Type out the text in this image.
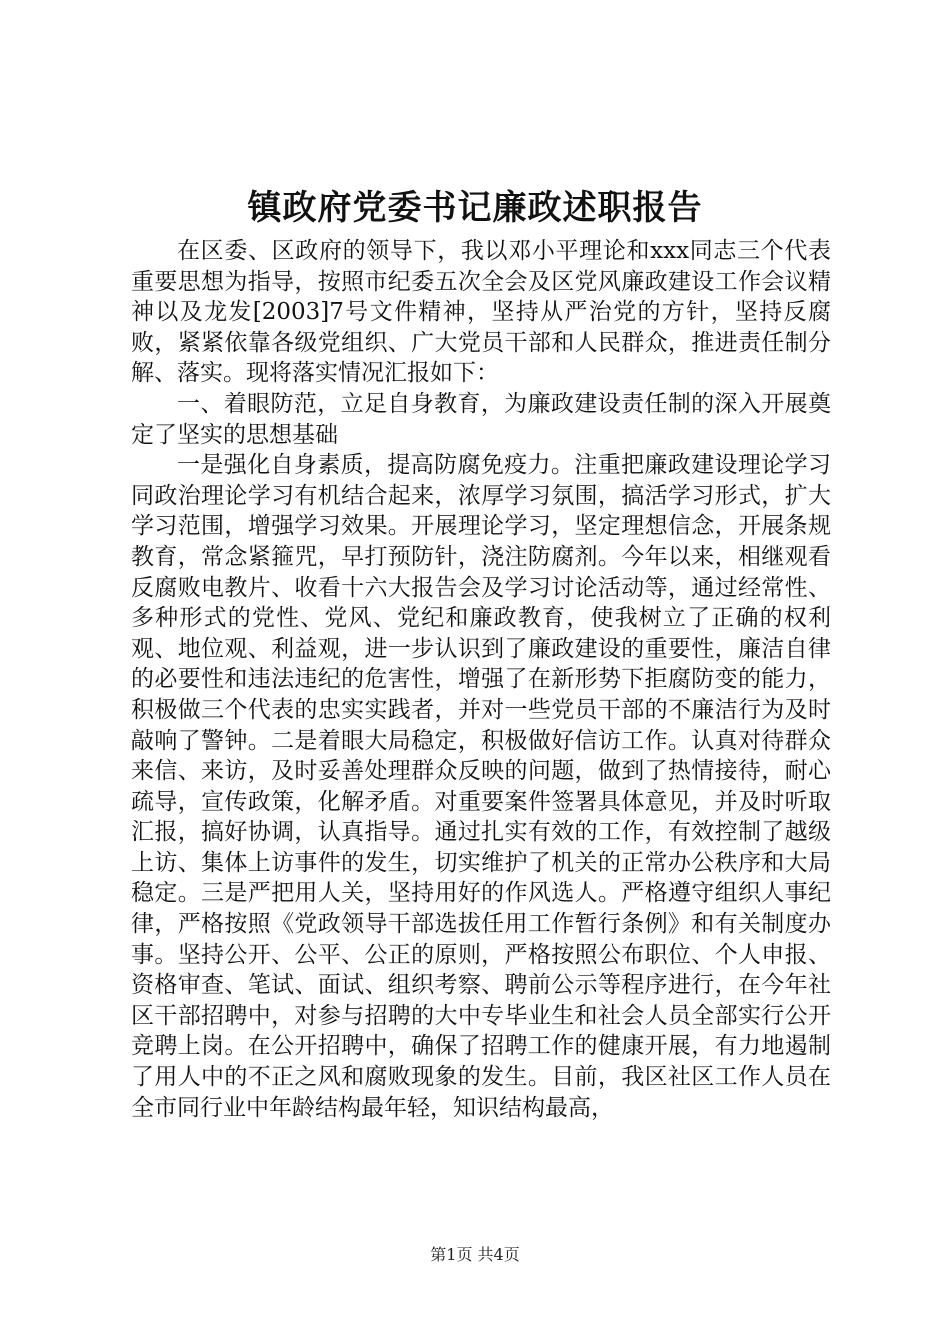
镇政府党委书记廉政述职报告

在区委、区政府的领导下，我以邓小平理论和xxx同志三个代表重要思想为指导，按照市纪委五次全会及区党风廉政建设工作会议精神以及龙发[2003]7号文件精神，坚持从严治党的方针，坚持反腐败，紧紧依靠各级党组织、广大党员干部和人民群众，推进责任制分解、落实。现将落实情况汇报如下：

一、着眼防范，立足自身教育，为廉政建设责任制的深入开展奠定了坚实的思想基础

一是强化自身素质，提高防腐免疫力。注重把廉政建设理论学习同政治理论学习有机结合起来，浓厚学习氛围，搞活学习形式，扩大学习范围，增强学习效果。开展理论学习，坚定理想信念，开展条规教育，常念紧箍咒，早打预防针，浇注防腐剂。今年以来，相继观看反腐败电教片、收看十六大报告会及学习讨论活动等，通过经常性、多种形式的党性、党风、党纪和廉政教育，使我树立了正确的权利观、地位观、利益观，进一步认识到了廉政建设的重要性，廉洁自律的必要性和违法违纪的危害性，增强了在新形势下拒腐防变的能力，积极做三个代表的忠实实践者，并对一些党员干部的不廉洁行为及时敲响了警钟。二是着眼大局稳定，积极做好信访工作。认真对待群众来信、来访，及时妥善处理群众反映的问题，做到了热情接待，耐心疏导，宣传政策，化解矛盾。对重要案件签署具体意见，并及时听取汇报，搞好协调，认真指导。通过扎实有效的工作，有效控制了越级上访、集体上访事件的发生，切实维护了机关的正常办公秩序和大局稳定。三是严把用人关，坚持用好的作风选人。严格遵守组织人事纪律，严格按照《党政领导干部选拔任用工作暂行条例》和有关制度办事。坚持公开、公平、公正的原则，严格按照公布职位、个人申报、资格审查、笔试、面试、组织考察、聘前公示等程序进行，在今年社区干部招聘中，对参与招聘的大中专毕业生和社会人员全部实行公开竞聘上岗。在公开招聘中，确保了招聘工作的健康开展，有力地遏制了用人中的不正之风和腐败现象的发生。目前，我区社区工作人员在全市同行业中年龄结构最年轻，知识结构最高，

第1页 共4页
